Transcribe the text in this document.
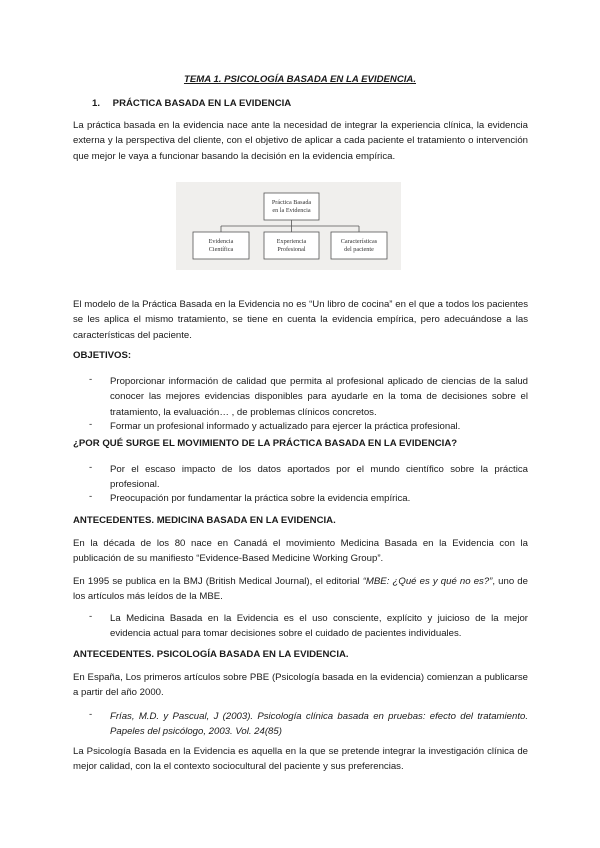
TEMA 1. PSICOLOGÍA BASADA EN LA EVIDENCIA.
1. PRÁCTICA BASADA EN LA EVIDENCIA
La práctica basada en la evidencia nace ante la necesidad de integrar la experiencia clínica, la evidencia externa y la perspectiva del cliente, con el objetivo de aplicar a cada paciente el tratamiento o intervención que mejor le vaya a funcionar basando la decisión en la evidencia empírica.
Práctica Basada
en la Evidencia
Evidencia
Científica
Experiencia
Profesional
Características
del paciente
El modelo de la Práctica Basada en la Evidencia no es “Un libro de cocina” en el que a todos los pacientes se les aplica el mismo tratamiento, se tiene en cuenta la evidencia empírica, pero adecuándose a las características del paciente.
OBJETIVOS:
- Proporcionar información de calidad que permita al profesional aplicado de ciencias de la salud conocer las mejores evidencias disponibles para ayudarle en la toma de decisiones sobre el tratamiento, la evaluación… , de problemas clínicos concretos.
- Formar un profesional informado y actualizado para ejercer la práctica profesional.
¿POR QUÉ SURGE EL MOVIMIENTO DE LA PRÁCTICA BASADA EN LA EVIDENCIA?
- Por el escaso impacto de los datos aportados por el mundo científico sobre la práctica profesional.
- Preocupación por fundamentar la práctica sobre la evidencia empírica.
ANTECEDENTES. MEDICINA BASADA EN LA EVIDENCIA.
En la década de los 80 nace en Canadá el movimiento Medicina Basada en la Evidencia con la publicación de su manifiesto “Evidence-Based Medicine Working Group”.
En 1995 se publica en la BMJ (British Medical Journal), el editorial “MBE: ¿Qué es y qué no es?”, uno de los artículos más leídos de la MBE.
- La Medicina Basada en la Evidencia es el uso consciente, explícito y juicioso de la mejor evidencia actual para tomar decisiones sobre el cuidado de pacientes individuales.
ANTECEDENTES. PSICOLOGÍA BASADA EN LA EVIDENCIA.
En España, Los primeros artículos sobre PBE (Psicología basada en la evidencia) comienzan a publicarse a partir del año 2000.
- Frías, M.D. y Pascual, J (2003). Psicología clínica basada en pruebas: efecto del tratamiento. Papeles del psicólogo, 2003. Vol. 24(85)
La Psicología Basada en la Evidencia es aquella en la que se pretende integrar la investigación clínica de mejor calidad, con la el contexto sociocultural del paciente y sus preferencias.
